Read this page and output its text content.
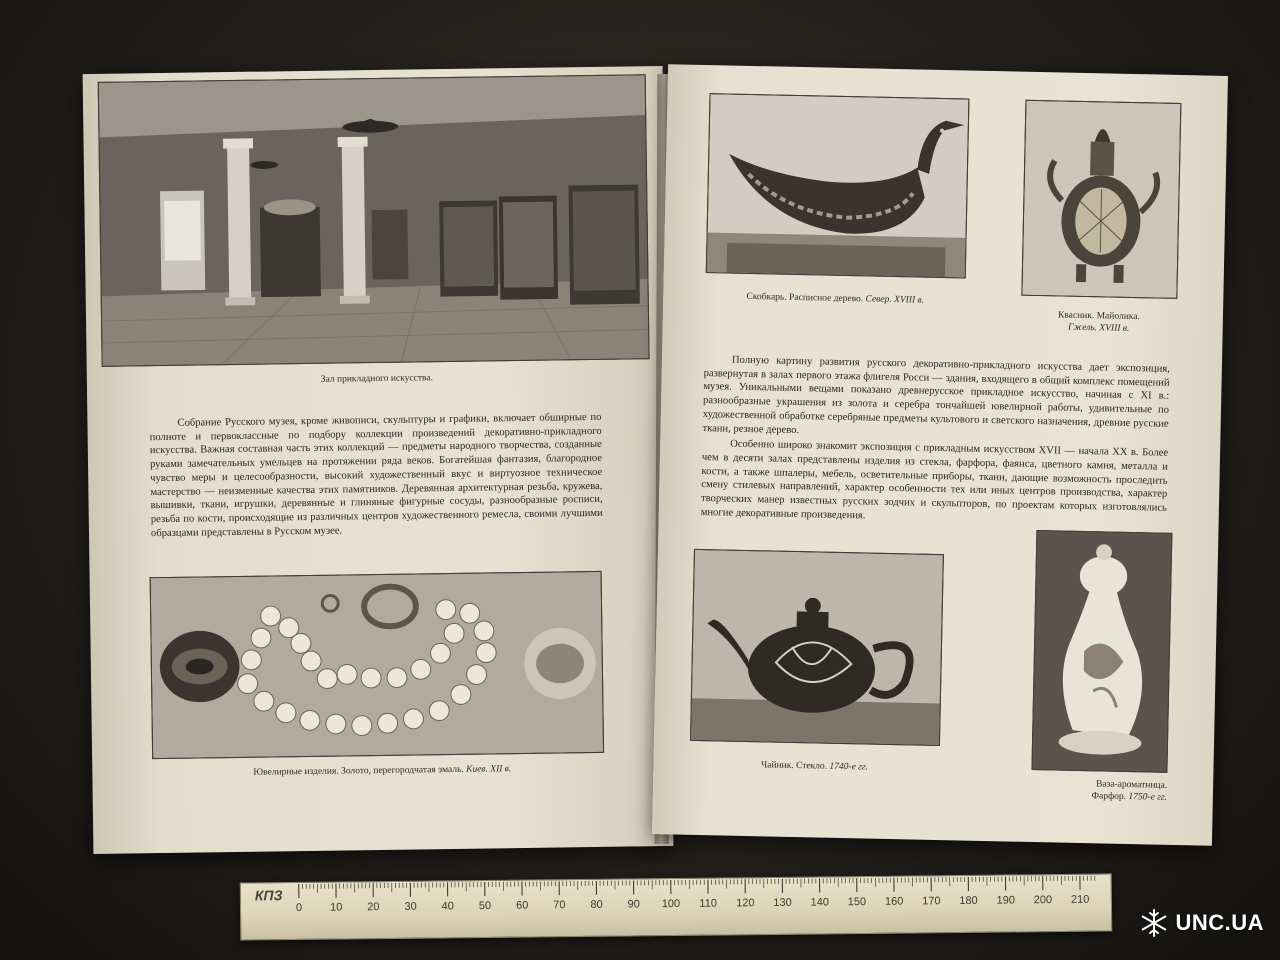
Зал прикладного искусства.

Собрание Русского музея, кроме живописи, скульптуры и графики, включает обширные по полноте и первоклассные по подбору коллекции произведений декоративно-прикладного искусства. Важная составная часть этих коллекций — предметы народного творчества, созданные руками замечательных умельцев на протяжении ряда веков. Богатейшая фантазия, благородное чувство меры и целесообразности, высокий художественный вкус и виртуозное техническое мастерство — неизменные качества этих памятников. Деревянная архитектурная резьба, кружева, вышивки, ткани, игрушки, деревянные и глиняные фигурные сосуды, разнообразные росписи, резьба по кости, происходящие из различных центров художественного ремесла, своими лучшими образцами представлены в Русском музее.

Ювелирные изделия. Золото, перегородчатая эмаль. Киев. XII в.
Скобкарь. Расписное дерево. Север. XVIII в.
Квасник. Майолика.
Гжель. XVIII в.

Полную картину развития русского декоративно-прикладного искусства дает экспозиция, развернутая в залах первого этажа флигеля Росси — здания, входящего в общий комплекс помещений музея. Уникальными вещами показано древнерусское прикладное искусство, начиная с XI в.: разнообразные украшения из золота и серебра тончайшей ювелирной работы, удивительные по художественной обработке серебряные предметы культового и светского назначения, древние русские ткани, резное дерево.

Особенно широко знакомит экспозиция с прикладным искусством XVII — начала XX в. Более чем в десяти залах представлены изделия из стекла, фарфора, фаянса, цветного камня, металла и кости, а также шпалеры, мебель, осветительные приборы, ткани, дающие возможность проследить смену стилевых направлений, характер особенности тех или иных центров производства, характер творческих манер известных русских зодчих и скульпторов, по проектам которых изготовлялись многие декоративные произведения.

Чайник. Стекло. 1740-е гг.
Ваза-ароматница.
Фарфор. 1750-е гг.
КПЗ
0	10 20 30 40 50 60 70 80 90 100 110 120 130 140 150 160 170 180 190 200 210
UNC.UA
